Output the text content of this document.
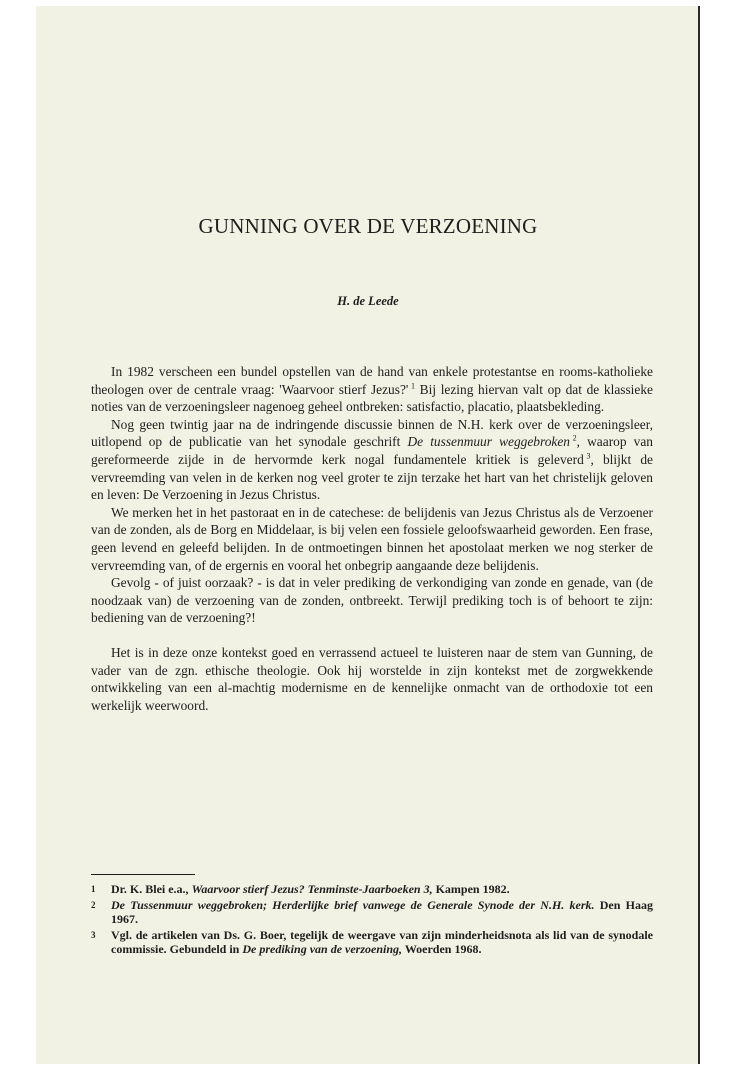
GUNNING OVER DE VERZOENING
H. de Leede

In 1982 verscheen een bundel opstellen van de hand van enkele protestantse en rooms-katholieke theologen over de centrale vraag: 'Waarvoor stierf Jezus?'  $^1$ Bij lezing hiervan valt op dat de klassieke noties van de verzoeningsleer nagenoeg geheel ontbreken: satisfactio, placatio, plaatsbekleding.

Nog geen twintig jaar na de indringende discussie binnen de N.H. kerk over de verzoeningsleer, uitlopend op de publicatie van het synodale geschrift De tussenmuur weggebroken  $^2$, waarop van gereformeerde zijde in de hervormde kerk nogal fundamentele kritiek is geleverd  $^3$, blijkt de vervreemding van velen in de kerken nog veel groter te zijn terzake het hart van het christelijk geloven en leven: De Verzoening in Jezus Christus.

We merken het in het pastoraat en in de catechese: de belijdenis van Jezus Christus als de Verzoener van de zonden, als de Borg en Middelaar, is bij velen een fossiele geloofswaarheid geworden. Een frase, geen levend en geleefd belijden. In de ontmoetingen binnen het apostolaat merken we nog sterker de vervreemding van, of de ergernis en vooral het onbegrip aangaande deze belijdenis.

Gevolg - of juist oorzaak? - is dat in veler prediking de verkondiging van zonde en genade, van (de noodzaak van) de verzoening van de zonden, ontbreekt. Terwijl prediking toch is of behoort te zijn: bediening van de verzoening?!

Het is in deze onze kontekst goed en verrassend actueel te luisteren naar de stem van Gunning, de vader van de zgn. ethische theologie. Ook hij worstelde in zijn kontekst met de zorgwekkende ontwikkeling van een al-machtig modernisme en de kennelijke onmacht van de orthodoxie tot een werkelijk weerwoord.

1	Dr. K. Blei e.a., Waarvoor stierf Jezus? Tenminste-Jaarboeken 3, Kampen 1982.
2	De Tussenmuur weggebroken; Herderlijke brief vanwege de Generale Synode der N.H. kerk. Den Haag 1967.
3	Vgl. de artikelen van Ds. G. Boer, tegelijk de weergave van zijn minderheidsnota als lid van de synodale commissie. Gebundeld in De prediking van de verzoening, Woerden 1968.
